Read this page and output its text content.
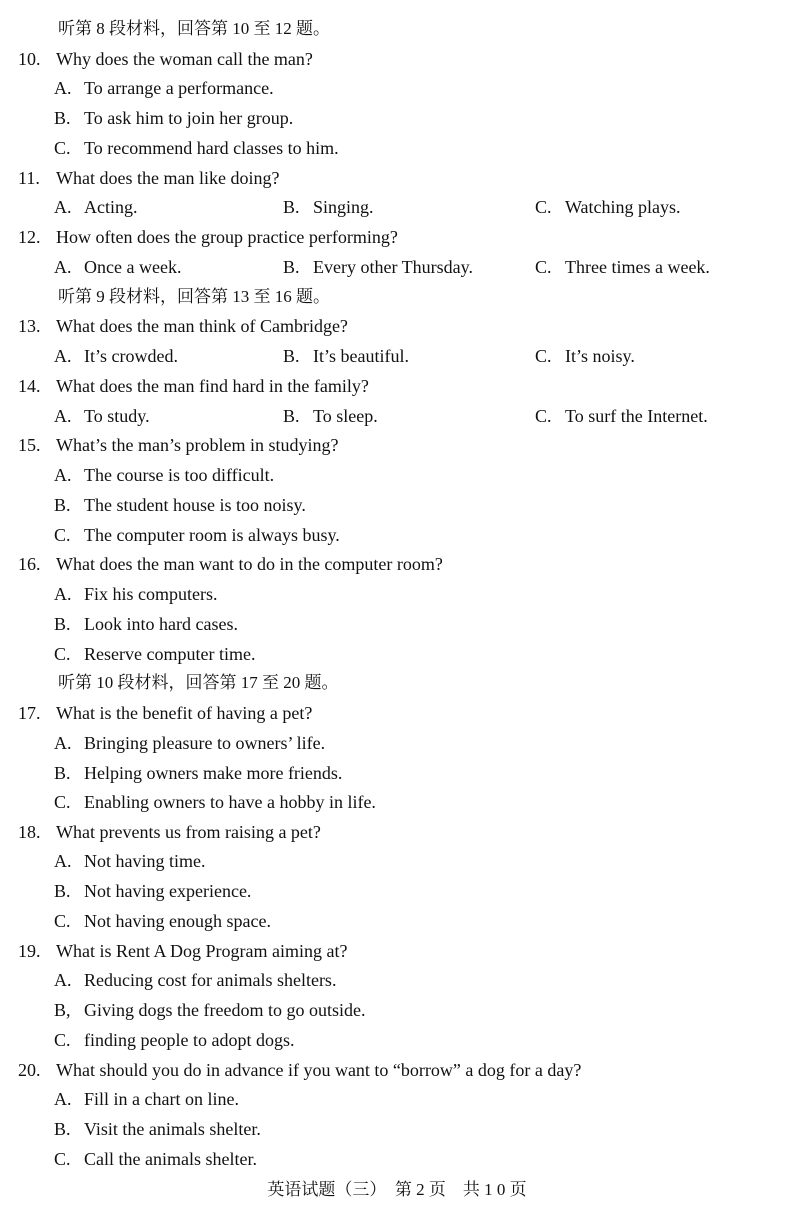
听第 8 段材料，回答第 10 至 12 题。
10. Why does the woman call the man?
A. To arrange a performance.
B. To ask him to join her group.
C. To recommend hard classes to him.
11. What does the man like doing?
A. Acting.	B. Singing.	C. Watching plays.
12. How often does the group practice performing?
A. Once a week.	B. Every other Thursday.	C. Three times a week.
听第 9 段材料，回答第 13 至 16 题。
13. What does the man think of Cambridge?
A. It’s crowded.	B. It’s beautiful.	C. It’s noisy.
14. What does the man find hard in the family?
A. To study.	B. To sleep.	C. To surf the Internet.
15. What’s the man’s problem in studying?
A. The course is too difficult.
B. The student house is too noisy.
C. The computer room is always busy.
16. What does the man want to do in the computer room?
A. Fix his computers.
B. Look into hard cases.
C. Reserve computer time.
听第 10 段材料，回答第 17 至 20 题。
17. What is the benefit of having a pet?
A. Bringing pleasure to owners’ life.
B. Helping owners make more friends.
C. Enabling owners to have a hobby in life.
18. What prevents us from raising a pet?
A. Not having time.
B. Not having experience.
C. Not having enough space.
19. What is Rent A Dog Program aiming at?
A. Reducing cost for animals shelters.
B, Giving dogs the freedom to go outside.
C. finding people to adopt dogs.
20. What should you do in advance if you want to “borrow” a dog for a day?
A. Fill in a chart on line.
B. Visit the animals shelter.
C. Call the animals shelter.
英语试题（三）　第 2 页　共 1 0 页
